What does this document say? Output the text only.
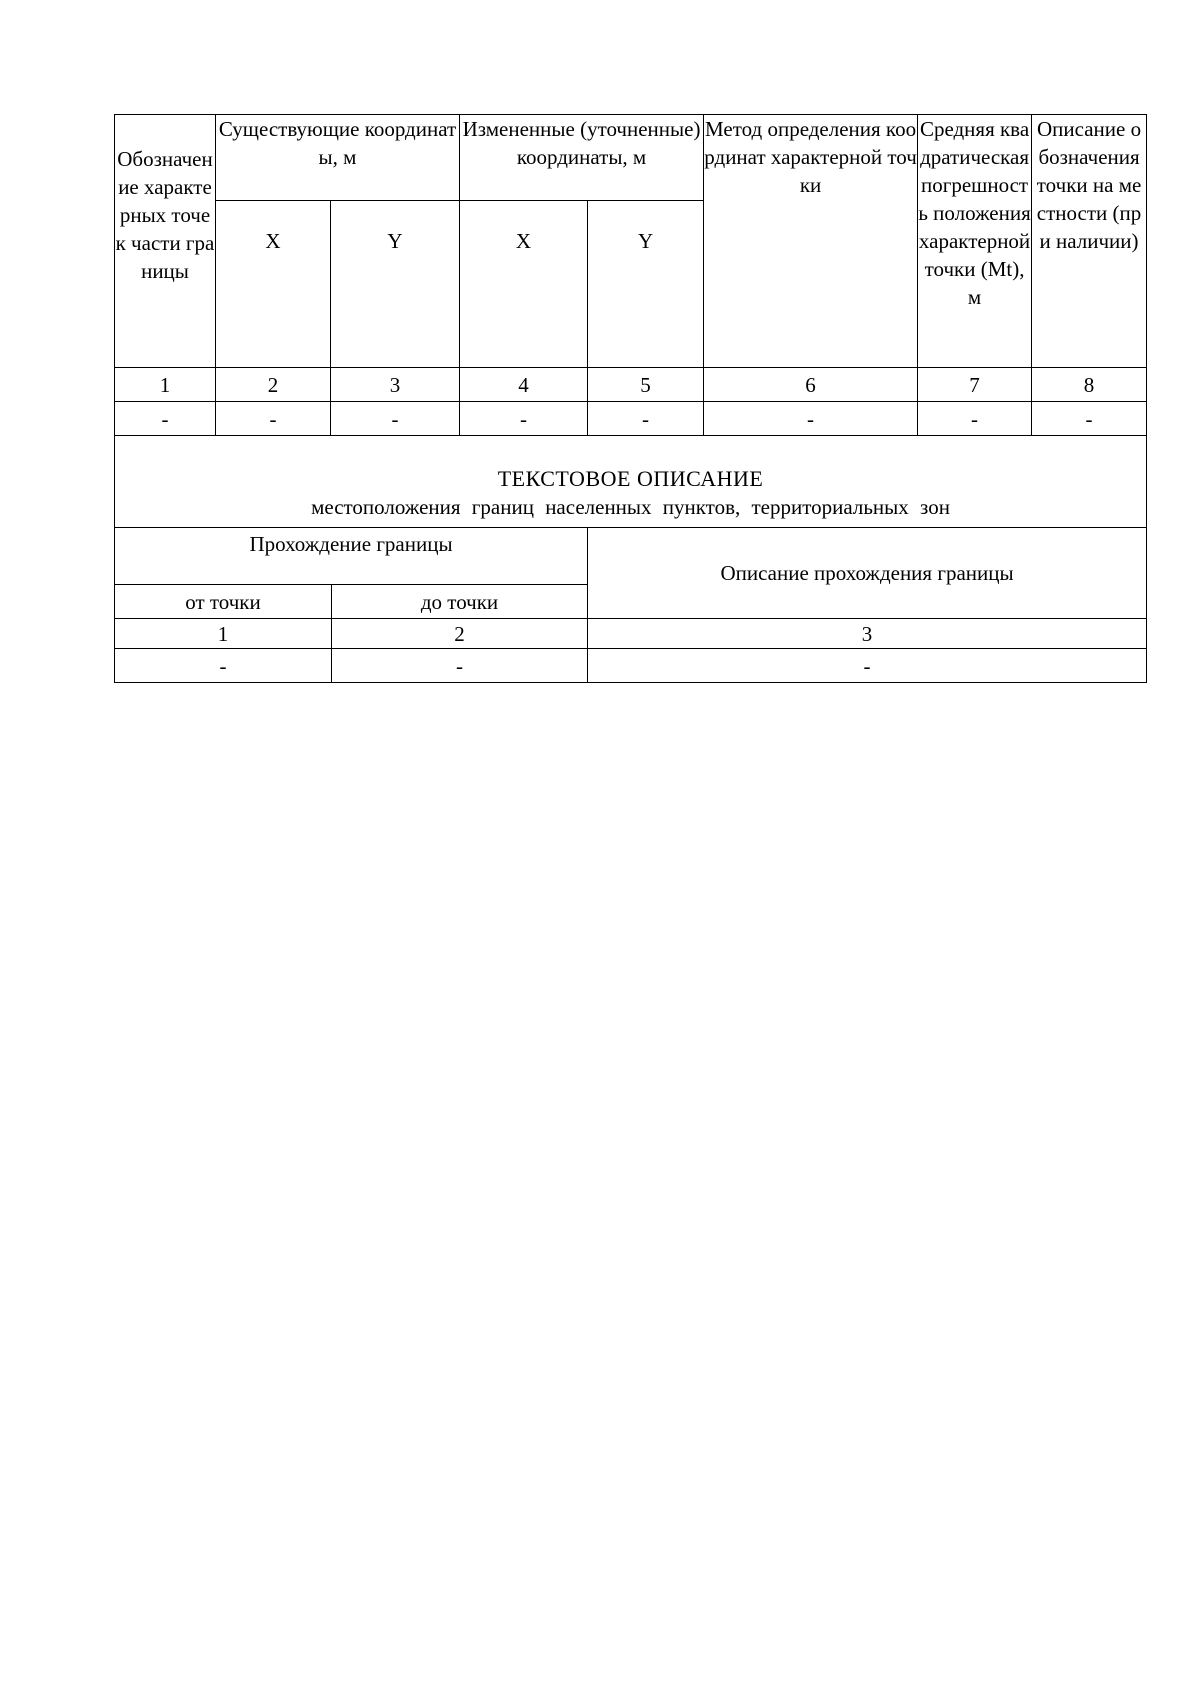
Обозначение характерных точек части границы	Существующие координаты, м		Измененные (уточненные) координаты, м		Метод определения координат характерной точки	Средняя квадратическая погрешность положения характерной точки (Mt), м	Описание обозначения точки на местности (при наличии)
	X	Y	X	Y			
1	2	3	4	5	6	7	8
-	-	-	-	-	-	-	-

ТЕКСТОВОЕ ОПИСАНИЕ
местоположения границ населенных пунктов, территориальных зон							

Прохождение границы				Описание прохождения границы			
от точки		до точки					
1		2		3			
-		-		-			
